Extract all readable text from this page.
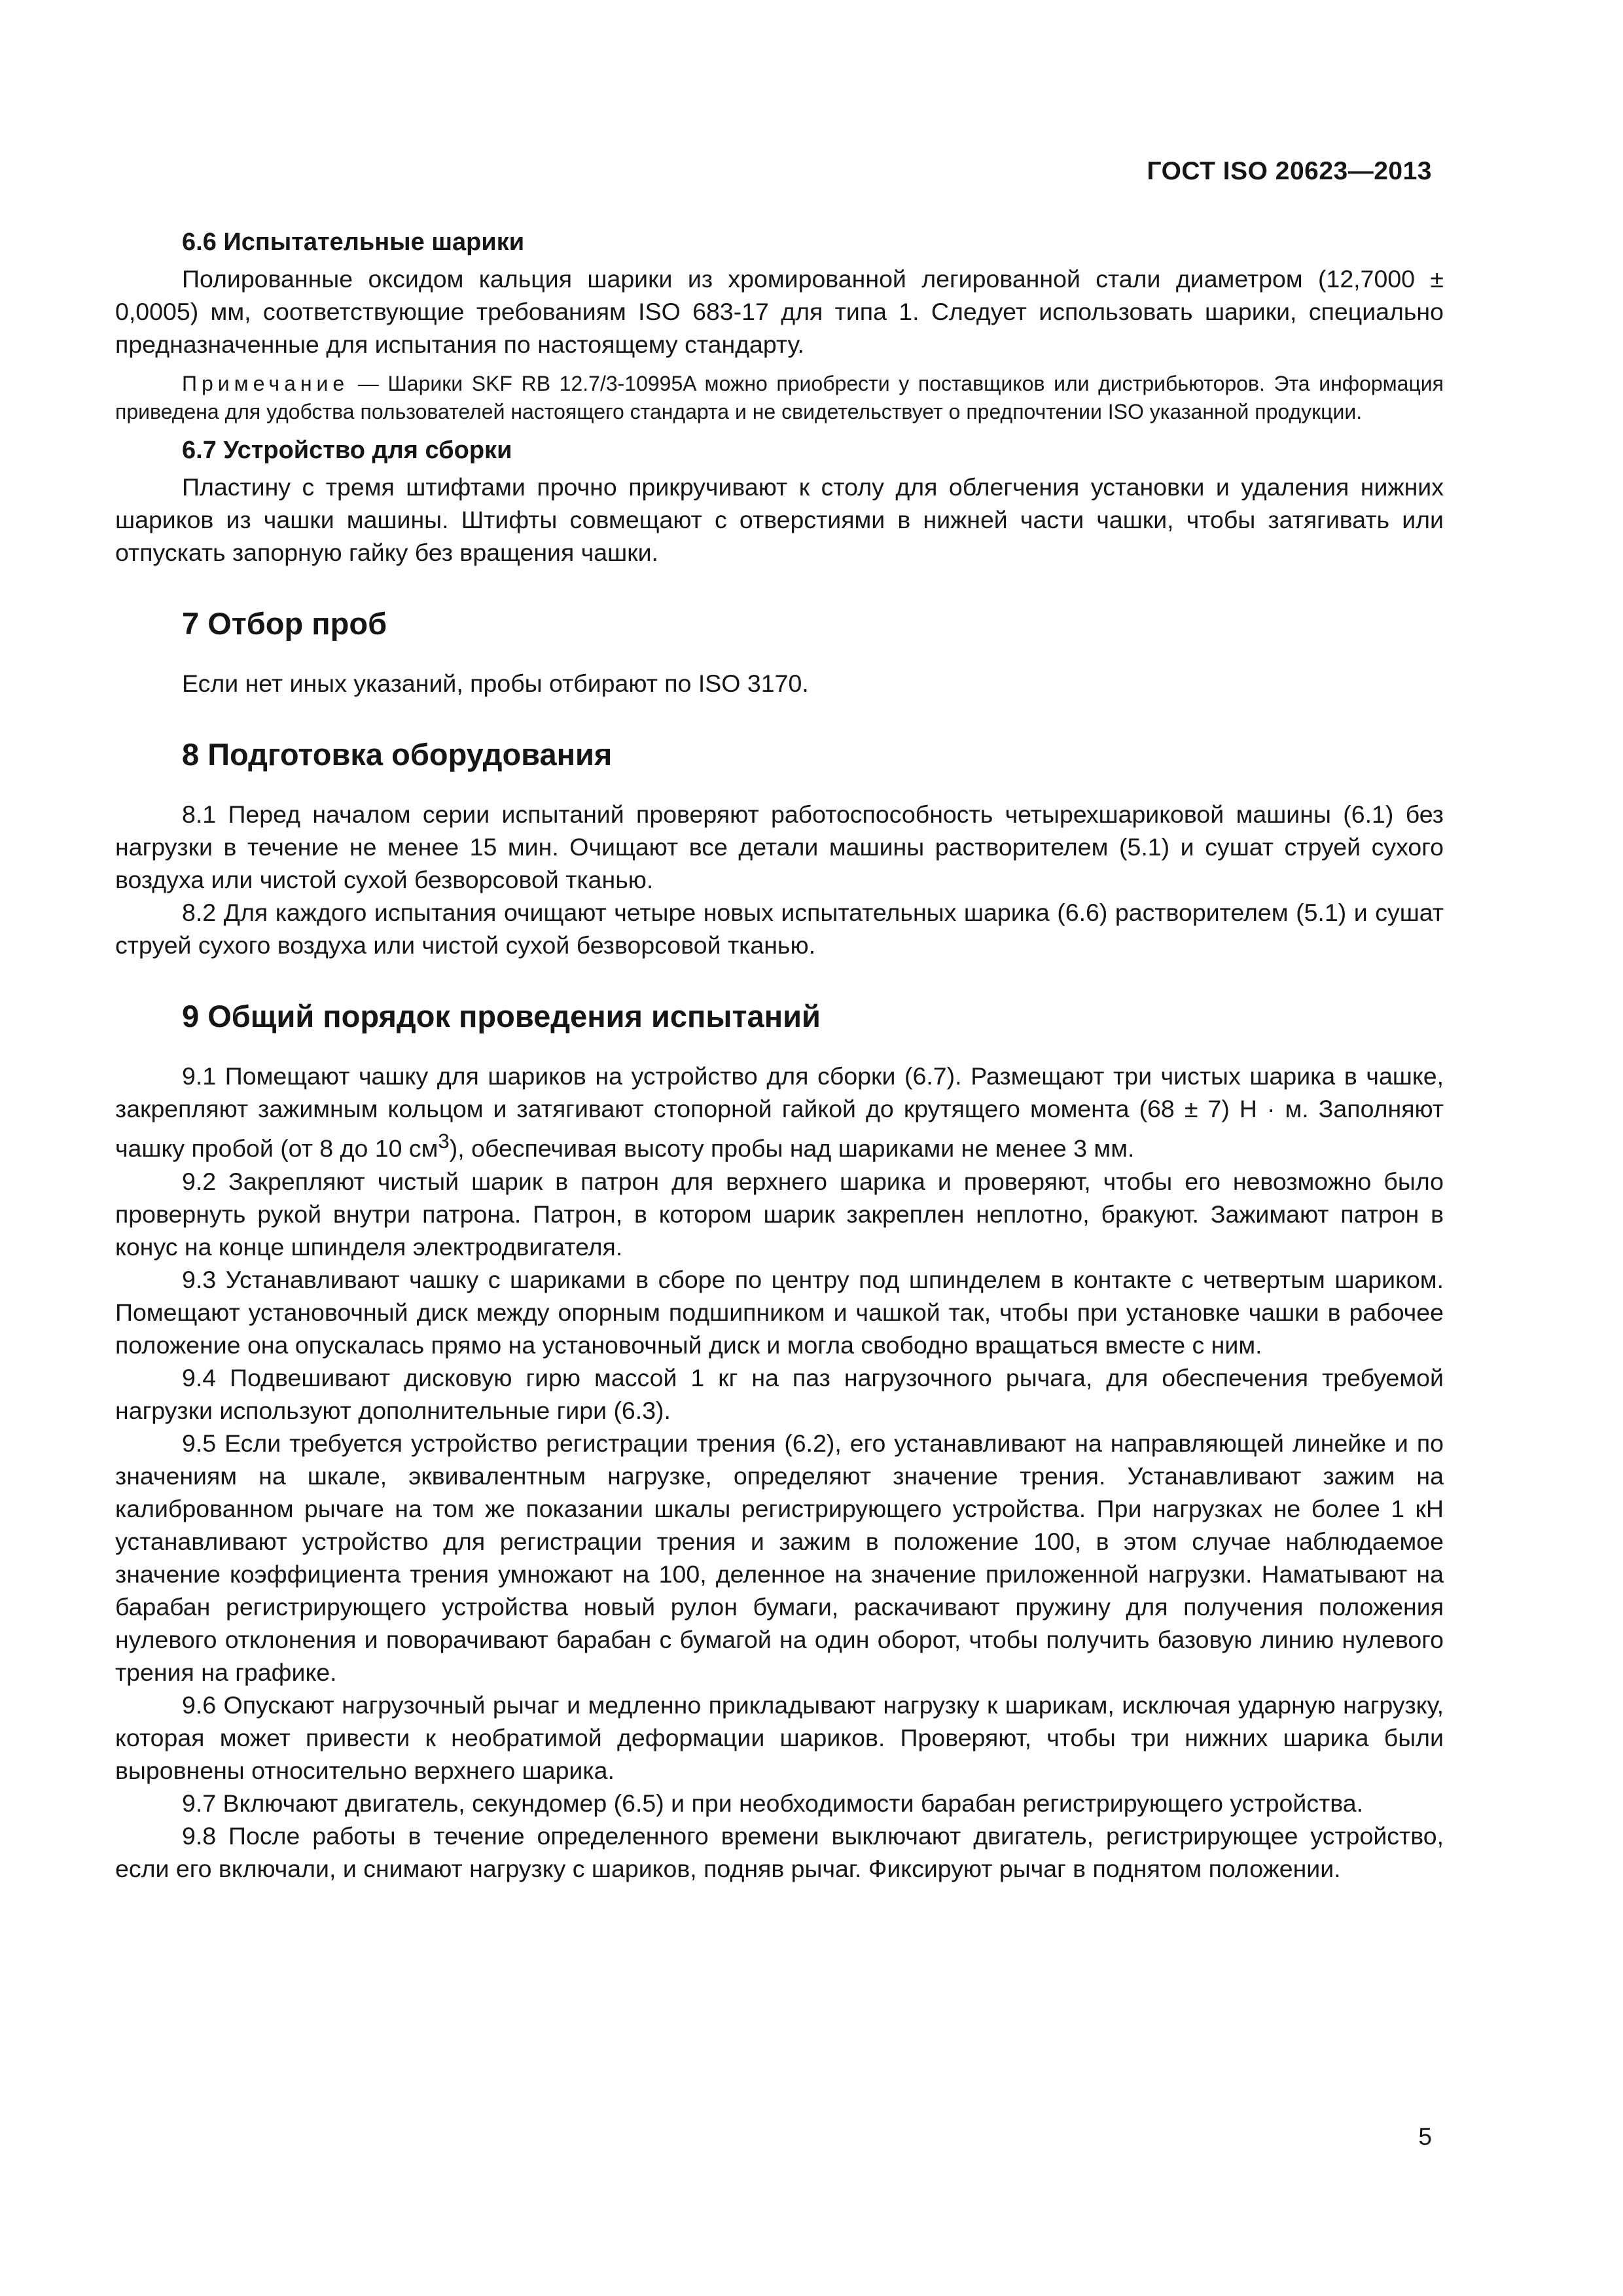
ГОСТ ISO 20623—2013
6.6 Испытательные шарики

Полированные оксидом кальция шарики из хромированной легированной стали диаметром (12,7000 ± 0,0005) мм, соответствующие требованиям ISO 683-17 для типа 1. Следует использовать шарики, специально предназначенные для испытания по настоящему стандарту.

Примечание — Шарики SKF RB 12.7/3-10995A можно приобрести у поставщиков или дистрибьюторов. Эта информация приведена для удобства пользователей настоящего стандарта и не свидетельствует о предпочтении ISO указанной продукции.

6.7 Устройство для сборки

Пластину с тремя штифтами прочно прикручивают к столу для облегчения установки и удаления нижних шариков из чашки машины. Штифты совмещают с отверстиями в нижней части чашки, чтобы затягивать или отпускать запорную гайку без вращения чашки.

7 Отбор проб

Если нет иных указаний, пробы отбирают по ISO 3170.

8 Подготовка оборудования

8.1 Перед началом серии испытаний проверяют работоспособность четырехшариковой машины (6.1) без нагрузки в течение не менее 15 мин. Очищают все детали машины растворителем (5.1) и сушат струей сухого воздуха или чистой сухой безворсовой тканью.

8.2 Для каждого испытания очищают четыре новых испытательных шарика (6.6) растворителем (5.1) и сушат струей сухого воздуха или чистой сухой безворсовой тканью.

9 Общий порядок проведения испытаний

9.1 Помещают чашку для шариков на устройство для сборки (6.7). Размещают три чистых шарика в чашке, закрепляют зажимным кольцом и затягивают стопорной гайкой до крутящего момента (68 ± 7) Н · м. Заполняют чашку пробой (от 8 до 10 $см^3$), обеспечивая высоту пробы над шариками не менее 3 мм.

9.2 Закрепляют чистый шарик в патрон для верхнего шарика и проверяют, чтобы его невозможно было провернуть рукой внутри патрона. Патрон, в котором шарик закреплен неплотно, бракуют. Зажимают патрон в конус на конце шпинделя электродвигателя.

9.3 Устанавливают чашку с шариками в сборе по центру под шпинделем в контакте с четвертым шариком. Помещают установочный диск между опорным подшипником и чашкой так, чтобы при установке чашки в рабочее положение она опускалась прямо на установочный диск и могла свободно вращаться вместе с ним.

9.4 Подвешивают дисковую гирю массой 1 кг на паз нагрузочного рычага, для обеспечения требуемой нагрузки используют дополнительные гири (6.3).

9.5 Если требуется устройство регистрации трения (6.2), его устанавливают на направляющей линейке и по значениям на шкале, эквивалентным нагрузке, определяют значение трения. Устанавливают зажим на калиброванном рычаге на том же показании шкалы регистрирующего устройства. При нагрузках не более 1 кН устанавливают устройство для регистрации трения и зажим в положение 100, в этом случае наблюдаемое значение коэффициента трения умножают на 100, деленное на значение приложенной нагрузки. Наматывают на барабан регистрирующего устройства новый рулон бумаги, раскачивают пружину для получения положения нулевого отклонения и поворачивают барабан с бумагой на один оборот, чтобы получить базовую линию нулевого трения на графике.

9.6 Опускают нагрузочный рычаг и медленно прикладывают нагрузку к шарикам, исключая ударную нагрузку, которая может привести к необратимой деформации шариков. Проверяют, чтобы три нижних шарика были выровнены относительно верхнего шарика.

9.7 Включают двигатель, секундомер (6.5) и при необходимости барабан регистрирующего устройства.

9.8 После работы в течение определенного времени выключают двигатель, регистрирующее устройство, если его включали, и снимают нагрузку с шариков, подняв рычаг. Фиксируют рычаг в поднятом положении.

5
